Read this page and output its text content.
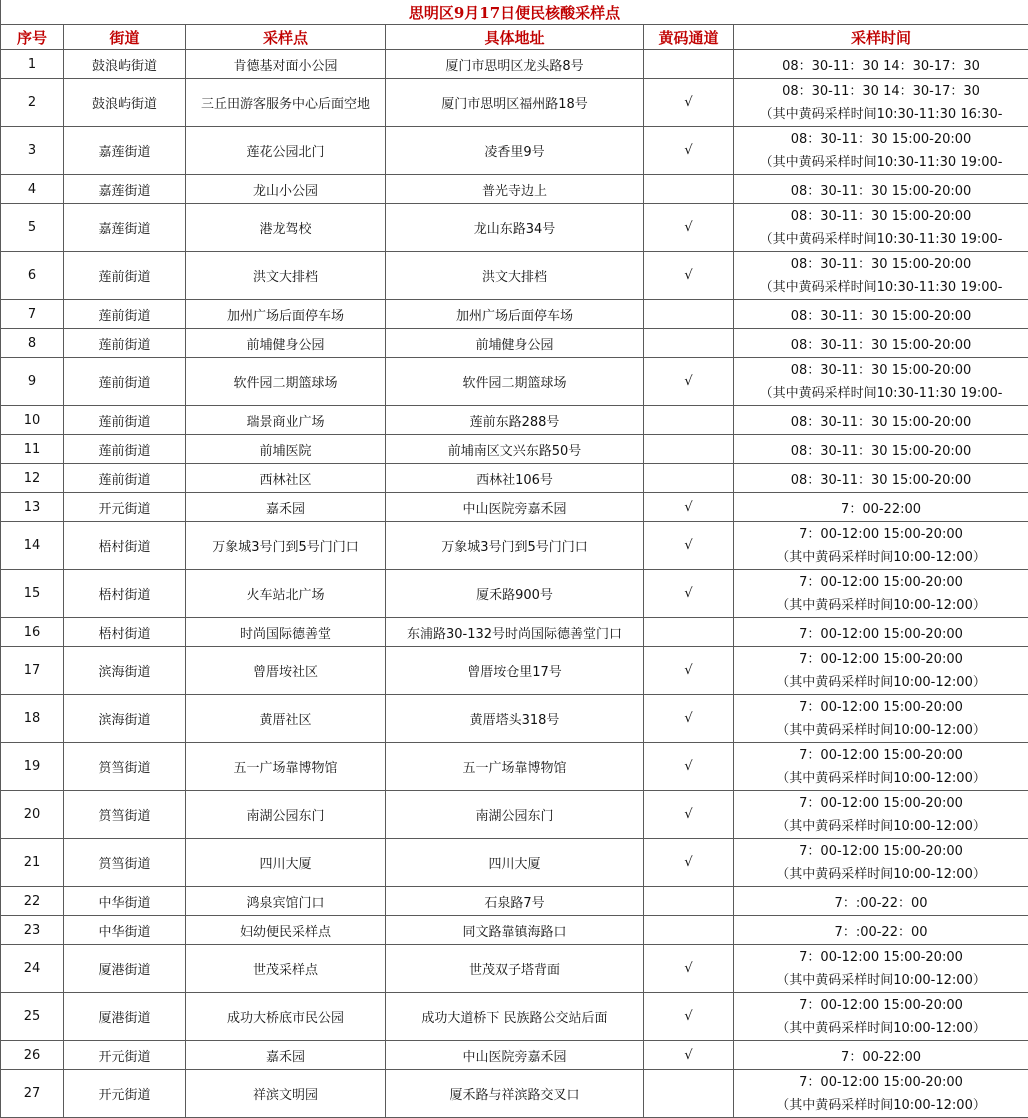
思明区9月17日便民核酸采样点					
序号	街道	采样点	具体地址	黄码通道	采样时间
1	鼓浪屿街道	肯德基对面小公园	厦门市思明区龙头路8号		08：30-11：30 14：30-17：30
2	鼓浪屿街道	三丘田游客服务中心后面空地	厦门市思明区福州路18号	√	08：30-11：30 14：30-17：30
（其中黄码采样时间10:30-11:30 16:30-

3	嘉莲街道	莲花公园北门	凌香里9号	√	08：30-11：30 15:00-20:00
（其中黄码采样时间10:30-11:30 19:00-

4	嘉莲街道	龙山小公园	普光寺边上		08：30-11：30 15:00-20:00
5	嘉莲街道	港龙驾校	龙山东路34号	√	08：30-11：30 15:00-20:00
（其中黄码采样时间10:30-11:30 19:00-

6	莲前街道	洪文大排档	洪文大排档	√	08：30-11：30 15:00-20:00
（其中黄码采样时间10:30-11:30 19:00-

7	莲前街道	加州广场后面停车场	加州广场后面停车场		08：30-11：30 15:00-20:00
8	莲前街道	前埔健身公园	前埔健身公园		08：30-11：30 15:00-20:00
9	莲前街道	软件园二期篮球场	软件园二期篮球场	√	08：30-11：30 15:00-20:00
（其中黄码采样时间10:30-11:30 19:00-

10	莲前街道	瑞景商业广场	莲前东路288号		08：30-11：30 15:00-20:00
11	莲前街道	前埔医院	前埔南区文兴东路50号		08：30-11：30 15:00-20:00
12	莲前街道	西林社区	西林社106号		08：30-11：30 15:00-20:00
13	开元街道	嘉禾园	中山医院旁嘉禾园	√	7：00-22:00
14	梧村街道	万象城3号门到5号门门口	万象城3号门到5号门门口	√	7：00-12:00 15:00-20:00
（其中黄码采样时间10:00-12:00）

15	梧村街道	火车站北广场	厦禾路900号	√	7：00-12:00 15:00-20:00
（其中黄码采样时间10:00-12:00）

16	梧村街道	时尚国际德善堂	东浦路30-132号时尚国际德善堂门口		7：00-12:00 15:00-20:00
17	滨海街道	曾厝垵社区	曾厝垵仓里17号	√	7：00-12:00 15:00-20:00
（其中黄码采样时间10:00-12:00）

18	滨海街道	黄厝社区	黄厝塔头318号	√	7：00-12:00 15:00-20:00
（其中黄码采样时间10:00-12:00）

19	筼筜街道	五一广场靠博物馆	五一广场靠博物馆	√	7：00-12:00 15:00-20:00
（其中黄码采样时间10:00-12:00）

20	筼筜街道	南湖公园东门	南湖公园东门	√	7：00-12:00 15:00-20:00
（其中黄码采样时间10:00-12:00）

21	筼筜街道	四川大厦	四川大厦	√	7：00-12:00 15:00-20:00
（其中黄码采样时间10:00-12:00）

22	中华街道	鸿泉宾馆门口	石泉路7号		7：:00-22：00
23	中华街道	妇幼便民采样点	同文路靠镇海路口		7：:00-22：00
24	厦港街道	世茂采样点	世茂双子塔背面	√	7：00-12:00 15:00-20:00
（其中黄码采样时间10:00-12:00）

25	厦港街道	成功大桥底市民公园	成功大道桥下 民族路公交站后面	√	7：00-12:00 15:00-20:00
（其中黄码采样时间10:00-12:00）

26	开元街道	嘉禾园	中山医院旁嘉禾园	√	7：00-22:00
27	开元街道	祥滨文明园	厦禾路与祥滨路交叉口		7：00-12:00 15:00-20:00
（其中黄码采样时间10:00-12:00）
